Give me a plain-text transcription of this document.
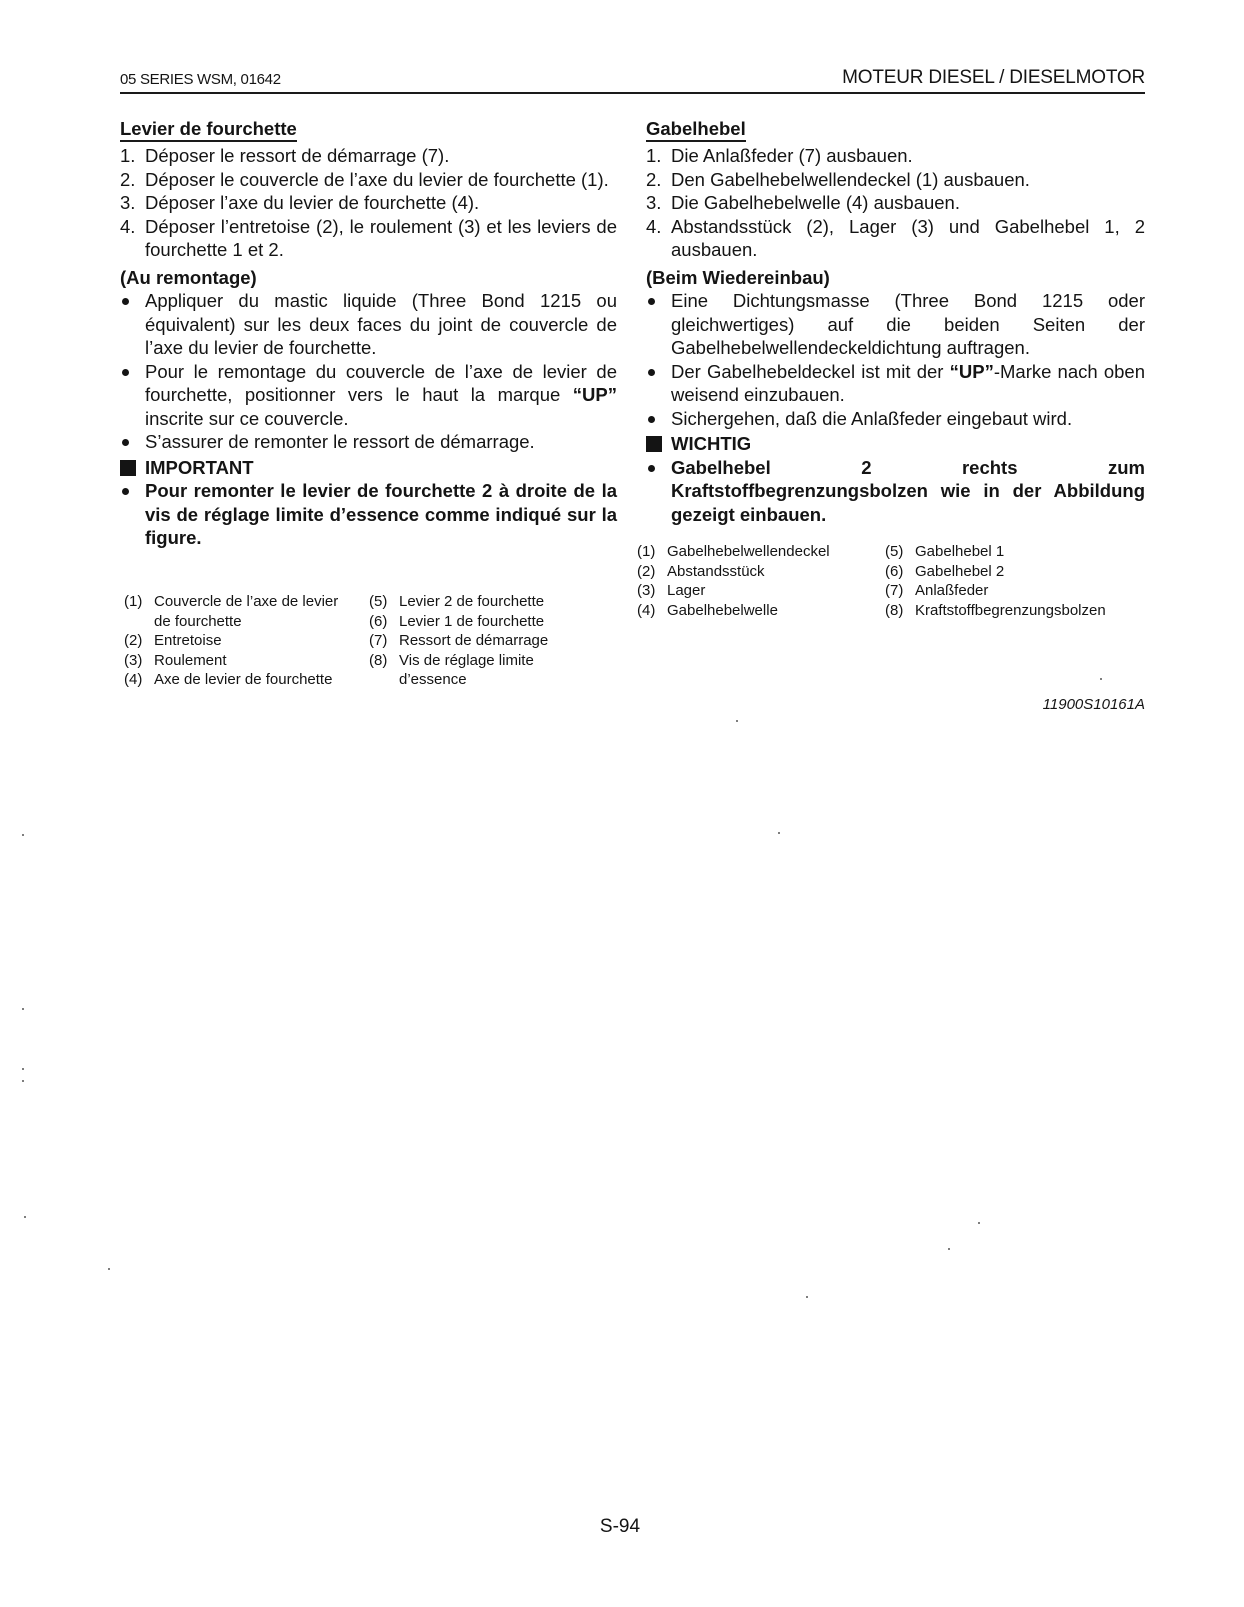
05 SERIES WSM, 01642	MOTEUR DIESEL / DIESELMOTOR
Levier de fourchette
1. Déposer le ressort de démarrage (7).
2. Déposer le couvercle de l’axe du levier de fourchette (1).
3. Déposer l’axe du levier de fourchette (4).
4. Déposer l’entretoise (2), le roulement (3) et les leviers de fourchette 1 et 2.
(Au remontage)
Appliquer du mastic liquide (Three Bond 1215 ou équivalent) sur les deux faces du joint de couvercle de l’axe du levier de fourchette.
Pour le remontage du couvercle de l’axe de levier de fourchette, positionner vers le haut la marque “UP” inscrite sur ce couvercle.
S’assurer de remonter le ressort de démarrage.
IMPORTANT
Pour remonter le levier de fourchette 2 à droite de la vis de réglage limite d’essence comme indiqué sur la figure.
(1) Couvercle de l’axe de levier de fourchette
(2) Entretoise
(3) Roulement
(4) Axe de levier de fourchette
(5) Levier 2 de fourchette
(6) Levier 1 de fourchette
(7) Ressort de démarrage
(8) Vis de réglage limite d’essence
Gabelhebel
1. Die Anlaßfeder (7) ausbauen.
2. Den Gabelhebelwellendeckel (1) ausbauen.
3. Die Gabelhebelwelle (4) ausbauen.
4. Abstandsstück (2), Lager (3) und Gabelhebel 1, 2 ausbauen.
(Beim Wiedereinbau)
Eine Dichtungsmasse (Three Bond 1215 oder gleichwertiges) auf die beiden Seiten der Gabelhebelwellendeckeldichtung auftragen.
Der Gabelhebeldeckel ist mit der “UP”-Marke nach oben weisend einzubauen.
Sichergehen, daß die Anlaßfeder eingebaut wird.
WICHTIG
Gabelhebel 2 rechts zum Kraftstoffbegrenzungsbolzen wie in der Abbildung gezeigt einbauen.
(1) Gabelhebelwellendeckel
(2) Abstandsstück
(3) Lager
(4) Gabelhebelwelle
(5) Gabelhebel 1
(6) Gabelhebel 2
(7) Anlaßfeder
(8) Kraftstoffbegrenzungsbolzen
11900S10161A
S-94
